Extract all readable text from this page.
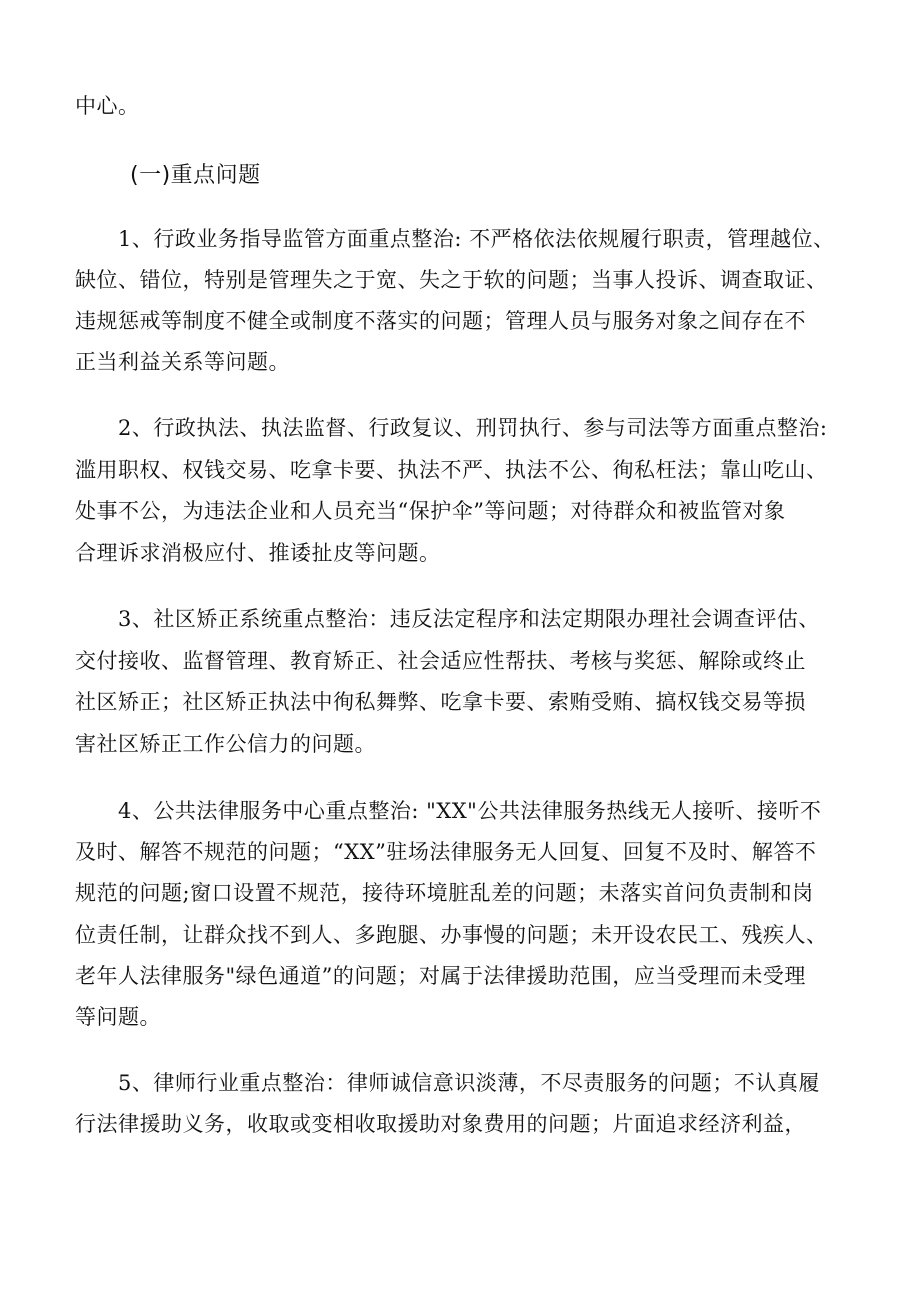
中心。
(一)重点问题
1、行政业务指导监管方面重点整治: 不严格依法依规履行职责，管理越位、
缺位、错位，特别是管理失之于宽、失之于软的问题；当事人投诉、调查取证、
违规惩戒等制度不健全或制度不落实的问题；管理人员与服务对象之间存在不
正当利益关系等问题。
2、行政执法、执法监督、行政复议、刑罚执行、参与司法等方面重点整治:
滥用职权、权钱交易、吃拿卡要、执法不严、执法不公、徇私枉法；靠山吃山、
处事不公，为违法企业和人员充当“保护伞”等问题；对待群众和被监管对象
合理诉求消极应付、推诿扯皮等问题。
3、社区矫正系统重点整治：违反法定程序和法定期限办理社会调查评估、
交付接收、监督管理、教育矫正、社会适应性帮扶、考核与奖惩、解除或终止
社区矫正；社区矫正执法中徇私舞弊、吃拿卡要、索贿受贿、搞权钱交易等损
害社区矫正工作公信力的问题。
4、公共法律服务中心重点整治: "XX"公共法律服务热线无人接听、接听不
及时、解答不规范的问题；“XX”驻场法律服务无人回复、回复不及时、解答不
规范的问题;窗口设置不规范，接待环境脏乱差的问题；未落实首问负责制和岗
位责任制，让群众找不到人、多跑腿、办事慢的问题；未开设农民工、残疾人、
老年人法律服务"绿色通道”的问题；对属于法律援助范围，应当受理而未受理
等问题。
5、律师行业重点整治：律师诚信意识淡薄，不尽责服务的问题；不认真履
行法律援助义务，收取或变相收取援助对象费用的问题；片面追求经济利益，
